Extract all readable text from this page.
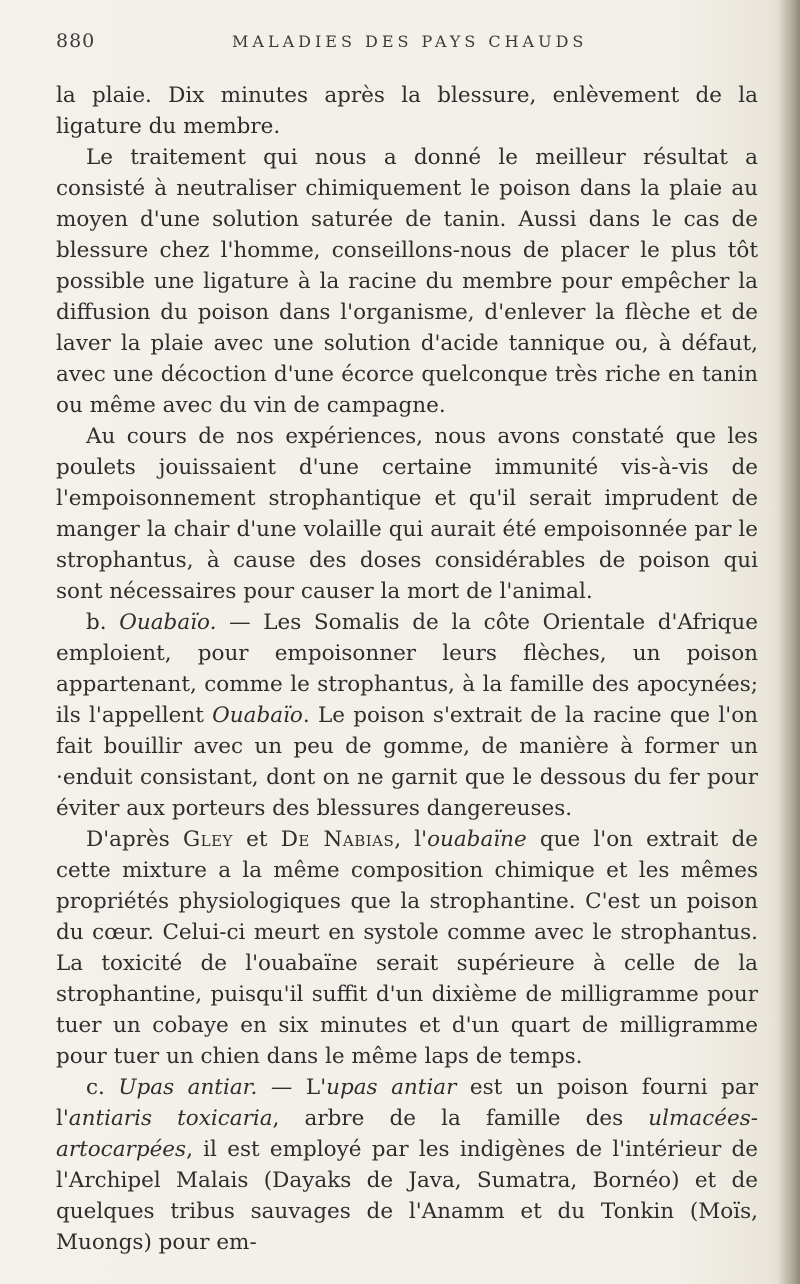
880	MALADIES DES PAYS CHAUDS

la plaie. Dix minutes après la blessure, enlèvement de la ligature du membre.

Le traitement qui nous a donné le meilleur résultat a consisté à neutraliser chimiquement le poison dans la plaie au moyen d'une solution saturée de tanin. Aussi dans le cas de blessure chez l'homme, conseillons-nous de placer le plus tôt possible une ligature à la racine du membre pour empêcher la diffusion du poison dans l'organisme, d'enlever la flèche et de laver la plaie avec une solution d'acide tannique ou, à défaut, avec une décoction d'une écorce quelconque très riche en tanin ou même avec du vin de campagne.

Au cours de nos expériences, nous avons constaté que les poulets jouissaient d'une certaine immunité vis-à-vis de l'empoisonnement strophantique et qu'il serait imprudent de manger la chair d'une volaille qui aurait été empoisonnée par le strophantus, à cause des doses considérables de poison qui sont nécessaires pour causer la mort de l'animal.

b. Ouabaïo. — Les Somalis de la côte Orientale d'Afrique emploient, pour empoisonner leurs flèches, un poison appartenant, comme le strophantus, à la famille des apocynées; ils l'appellent Ouabaïo. Le poison s'extrait de la racine que l'on fait bouillir avec un peu de gomme, de manière à former un ·enduit consistant, dont on ne garnit que le dessous du fer pour éviter aux porteurs des blessures dangereuses.

D'après Gley et De Nabias, l'ouabaïne que l'on extrait de cette mixture a la même composition chimique et les mêmes propriétés physiologiques que la strophantine. C'est un poison du cœur. Celui-ci meurt en systole comme avec le strophantus. La toxicité de l'ouabaïne serait supérieure à celle de la strophantine, puisqu'il suffit d'un dixième de milligramme pour tuer un cobaye en six minutes et d'un quart de milligramme pour tuer un chien dans le même laps de temps.

c. Upas antiar. — L'upas antiar est un poison fourni par l'antiaris toxicaria, arbre de la famille des ulmacées-artocarpées, il est employé par les indigènes de l'intérieur de l'Archipel Malais (Dayaks de Java, Sumatra, Bornéo) et de quelques tribus sauvages de l'Anamm et du Tonkin (Moïs, Muongs) pour em-
